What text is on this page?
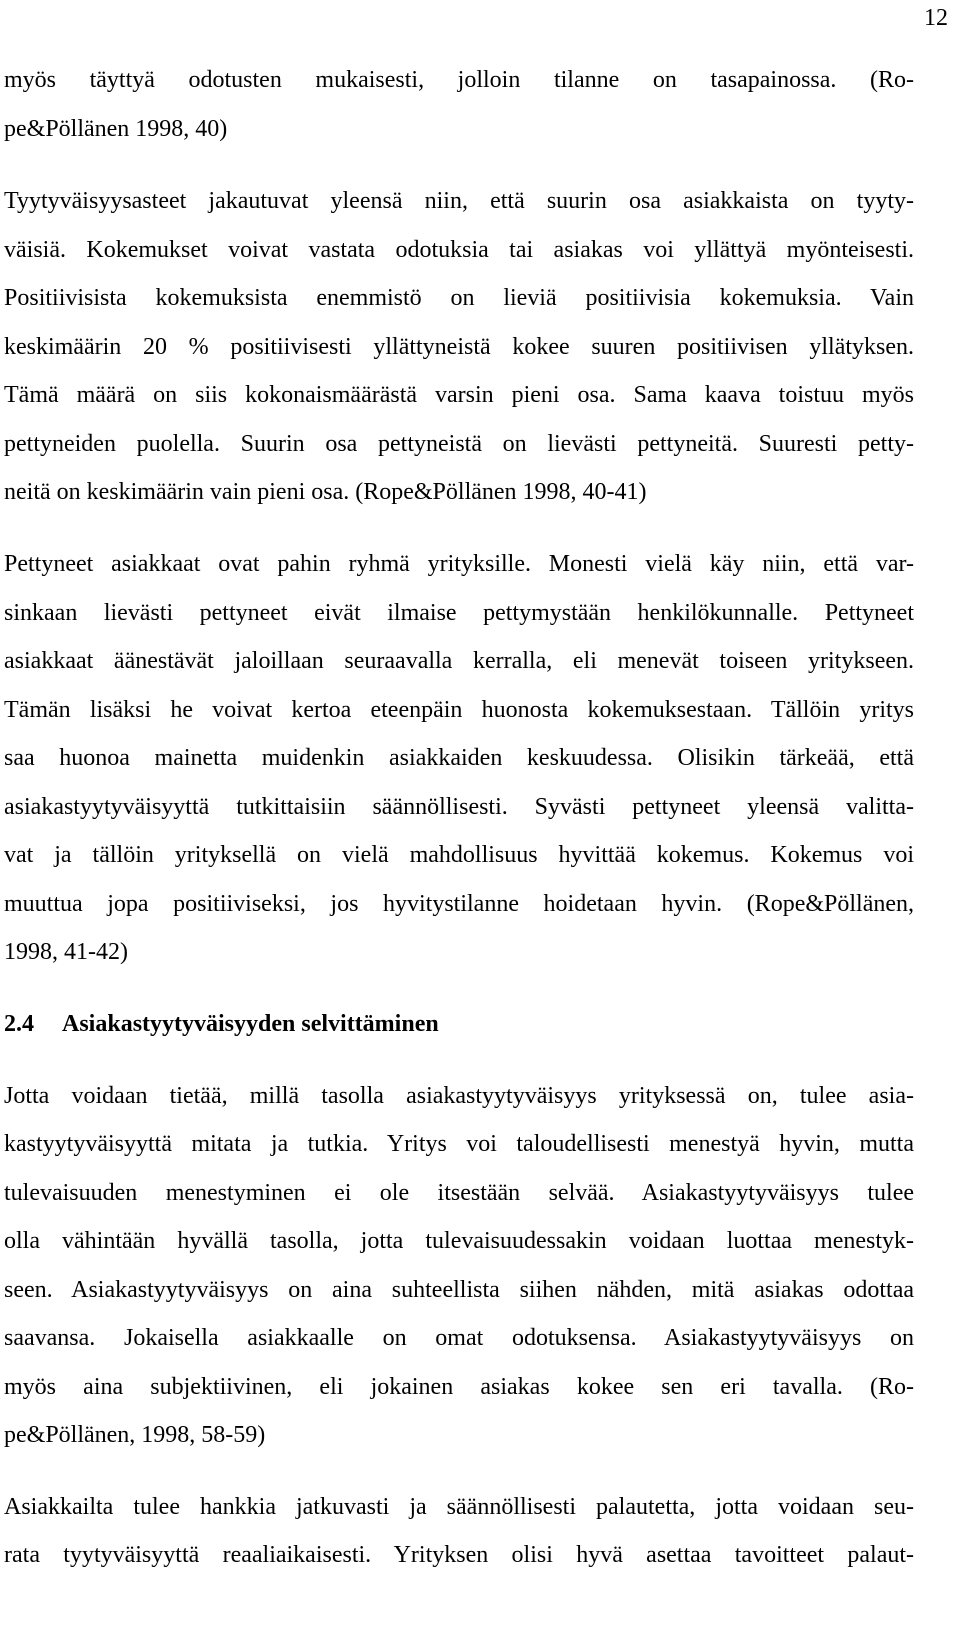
12
myös täyttyä odotusten mukaisesti, jolloin tilanne on tasapainossa. (Ro-
pe&Pöllänen 1998, 40)
Tyytyväisyysasteet jakautuvat yleensä niin, että suurin osa asiakkaista on tyyty-
väisiä. Kokemukset voivat vastata odotuksia tai asiakas voi yllättyä myönteisesti.
Positiivisista kokemuksista enemmistö on lieviä positiivisia kokemuksia. Vain
keskimäärin 20 % positiivisesti yllättyneistä kokee suuren positiivisen yllätyksen.
Tämä määrä on siis kokonaismäärästä varsin pieni osa. Sama kaava toistuu myös
pettyneiden puolella. Suurin osa pettyneistä on lievästi pettyneitä. Suuresti petty-
neitä on keskimäärin vain pieni osa. (Rope&Pöllänen 1998, 40-41)
Pettyneet asiakkaat ovat pahin ryhmä yrityksille. Monesti vielä käy niin, että var-
sinkaan lievästi pettyneet eivät ilmaise pettymystään henkilökunnalle. Pettyneet
asiakkaat äänestävät jaloillaan seuraavalla kerralla, eli menevät toiseen yritykseen.
Tämän lisäksi he voivat kertoa eteenpäin huonosta kokemuksestaan. Tällöin yritys
saa huonoa mainetta muidenkin asiakkaiden keskuudessa. Olisikin tärkeää, että
asiakastyytyväisyyttä tutkittaisiin säännöllisesti. Syvästi pettyneet yleensä valitta-
vat ja tällöin yrityksellä on vielä mahdollisuus hyvittää kokemus. Kokemus voi
muuttua jopa positiiviseksi, jos hyvitystilanne hoidetaan hyvin. (Rope&Pöllänen,
1998, 41-42)
2.4 Asiakastyytyväisyyden selvittäminen
Jotta voidaan tietää, millä tasolla asiakastyytyväisyys yrityksessä on, tulee asia-
kastyytyväisyyttä mitata ja tutkia. Yritys voi taloudellisesti menestyä hyvin, mutta
tulevaisuuden menestyminen ei ole itsestään selvää. Asiakastyytyväisyys tulee
olla vähintään hyvällä tasolla, jotta tulevaisuudessakin voidaan luottaa menestyk-
seen. Asiakastyytyväisyys on aina suhteellista siihen nähden, mitä asiakas odottaa
saavansa. Jokaisella asiakkaalle on omat odotuksensa. Asiakastyytyväisyys on
myös aina subjektiivinen, eli jokainen asiakas kokee sen eri tavalla. (Ro-
pe&Pöllänen, 1998, 58-59)
Asiakkailta tulee hankkia jatkuvasti ja säännöllisesti palautetta, jotta voidaan seu-
rata tyytyväisyyttä reaaliaikaisesti. Yrityksen olisi hyvä asettaa tavoitteet palaut-
